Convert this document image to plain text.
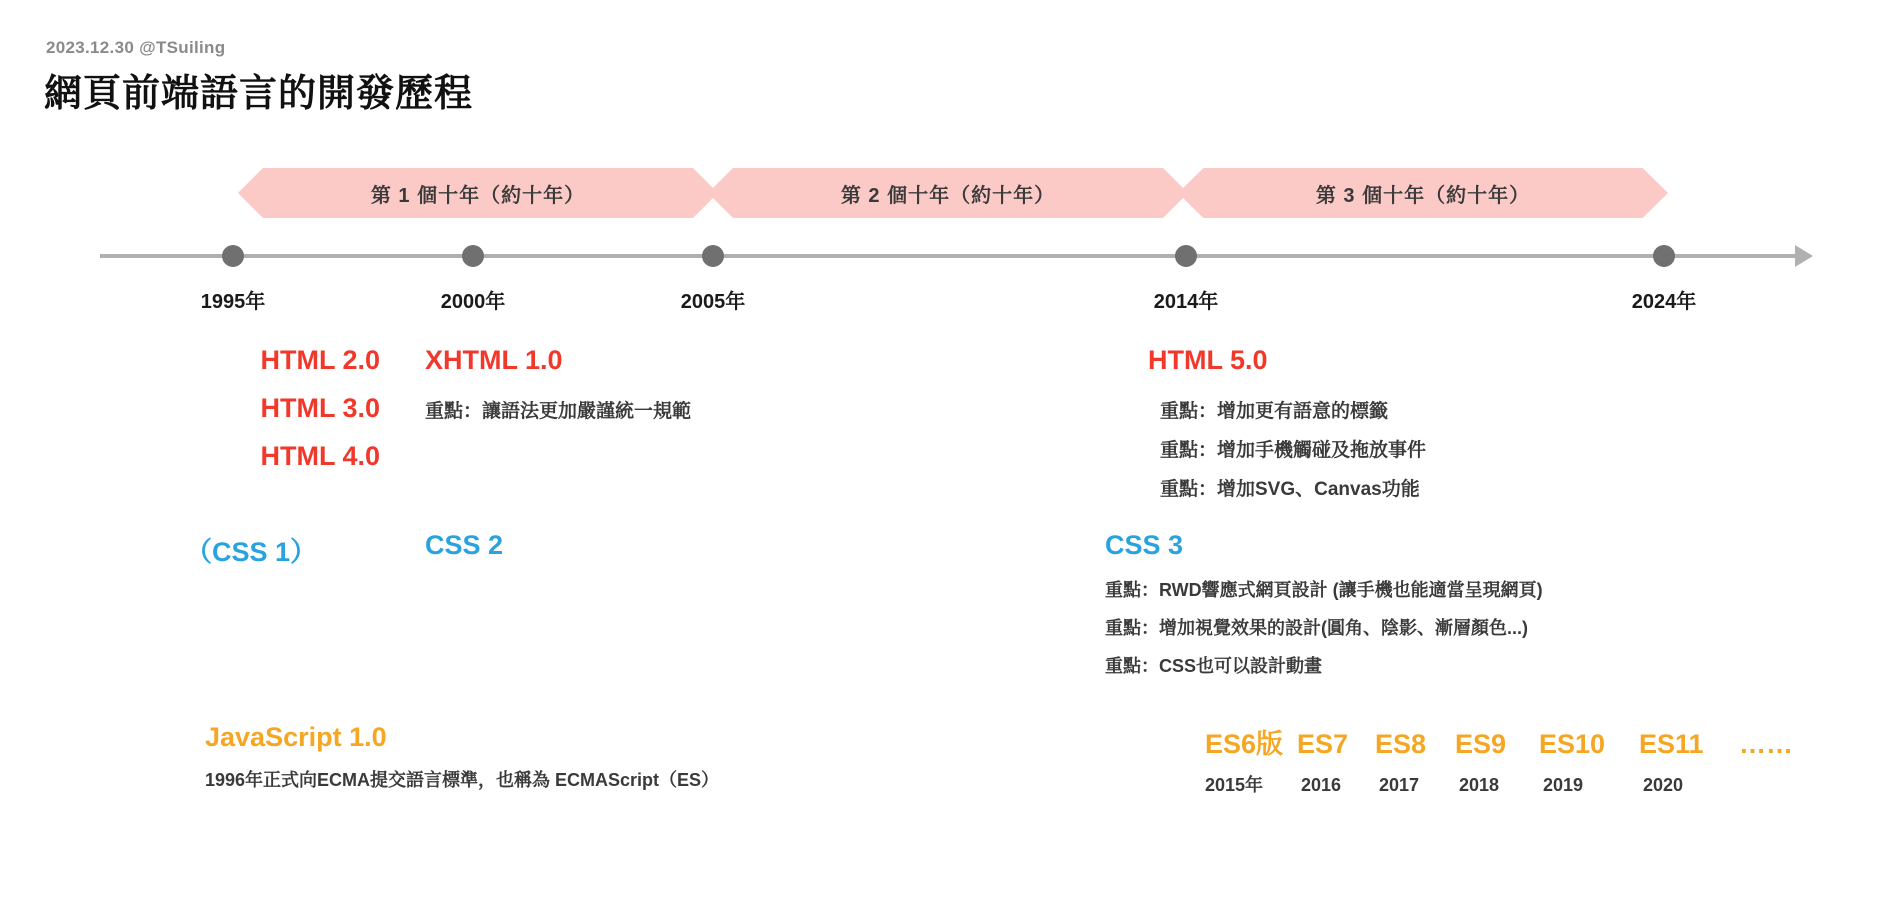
2023.12.30 @TSuiling
網頁前端語言的開發歷程
第 1 個十年（約十年）	第 2 個十年（約十年）	第 3 個十年（約十年）
1995年	2000年	2005年	2014年	2024年
HTML 2.0
HTML 3.0
HTML 4.0
XHTML 1.0
重點：讓語法更加嚴謹統一規範
HTML 5.0
重點：增加更有語意的標籤
重點：增加手機觸碰及拖放事件
重點：增加SVG、Canvas功能
（CSS 1）	CSS 2	CSS 3
重點：RWD響應式網頁設計 (讓手機也能適當呈現網頁)
重點：增加視覺效果的設計(圓角、陰影、漸層顏色...)
重點：CSS也可以設計動畫
JavaScript 1.0
1996年正式向ECMA提交語言標準，也稱為 ECMAScript（ES）
ES6版 ES7 ES8	ES9	ES10	ES11	……
2015年	2016	2017	2018	2019	2020
